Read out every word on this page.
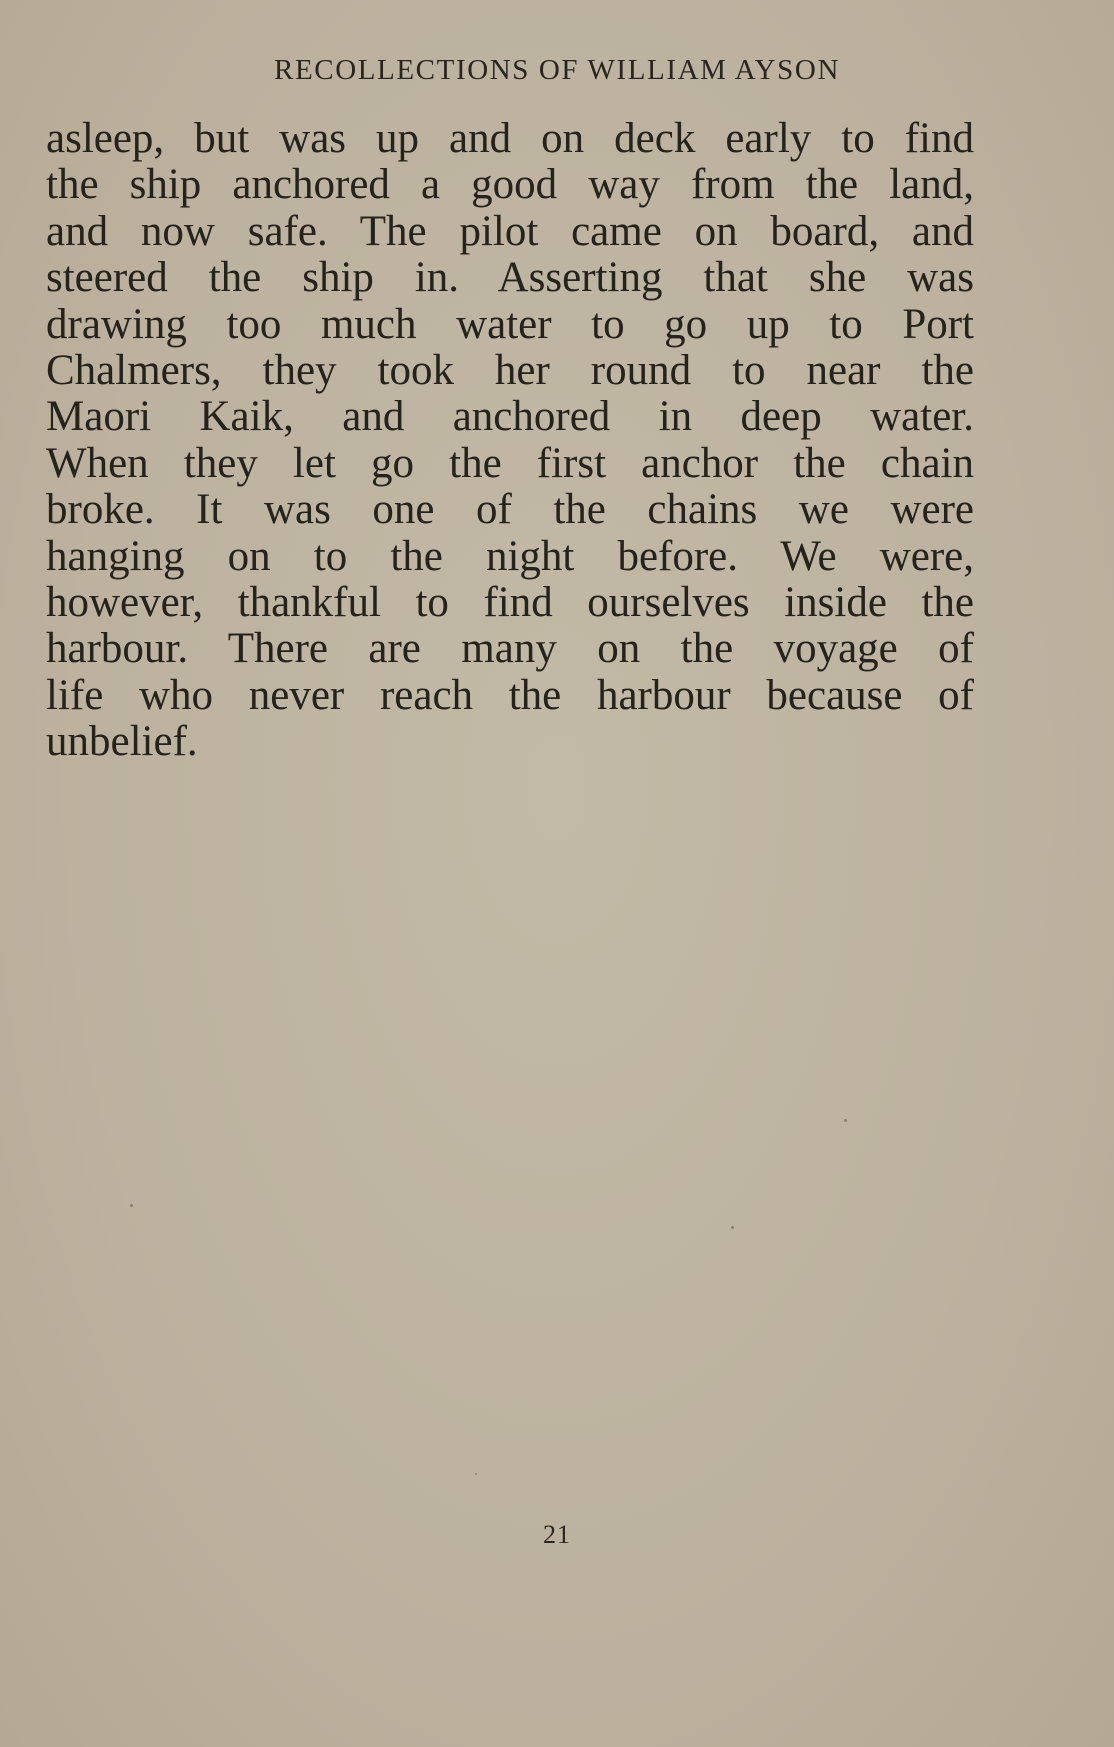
RECOLLECTIONS OF WILLIAM AYSON
asleep, but was up and on deck early to find
the ship anchored a good way from the land,
and now safe. The pilot came on board, and
steered the ship in. Asserting that she was
drawing too much water to go up to Port
Chalmers, they took her round to near the
Maori Kaik, and anchored in deep water.
When they let go the first anchor the chain
broke. It was one of the chains we were
hanging on to the night before. We were,
however, thankful to find ourselves inside the
harbour. There are many on the voyage of
life who never reach the harbour because of
unbelief.
21
